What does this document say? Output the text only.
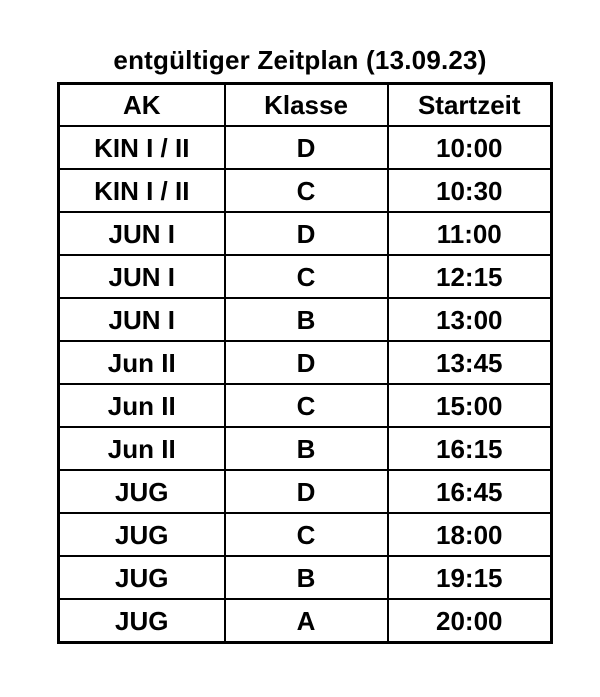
entgültiger Zeitplan (13.09.23)
AK	Klasse	Startzeit
KIN I / II	D	10:00
KIN I / II	C	10:30
JUN I	D	11:00
JUN I	C	12:15
JUN I	B	13:00
Jun II	D	13:45
Jun II	C	15:00
Jun II	B	16:15
JUG	D	16:45
JUG	C	18:00
JUG	B	19:15
JUG	A	20:00
